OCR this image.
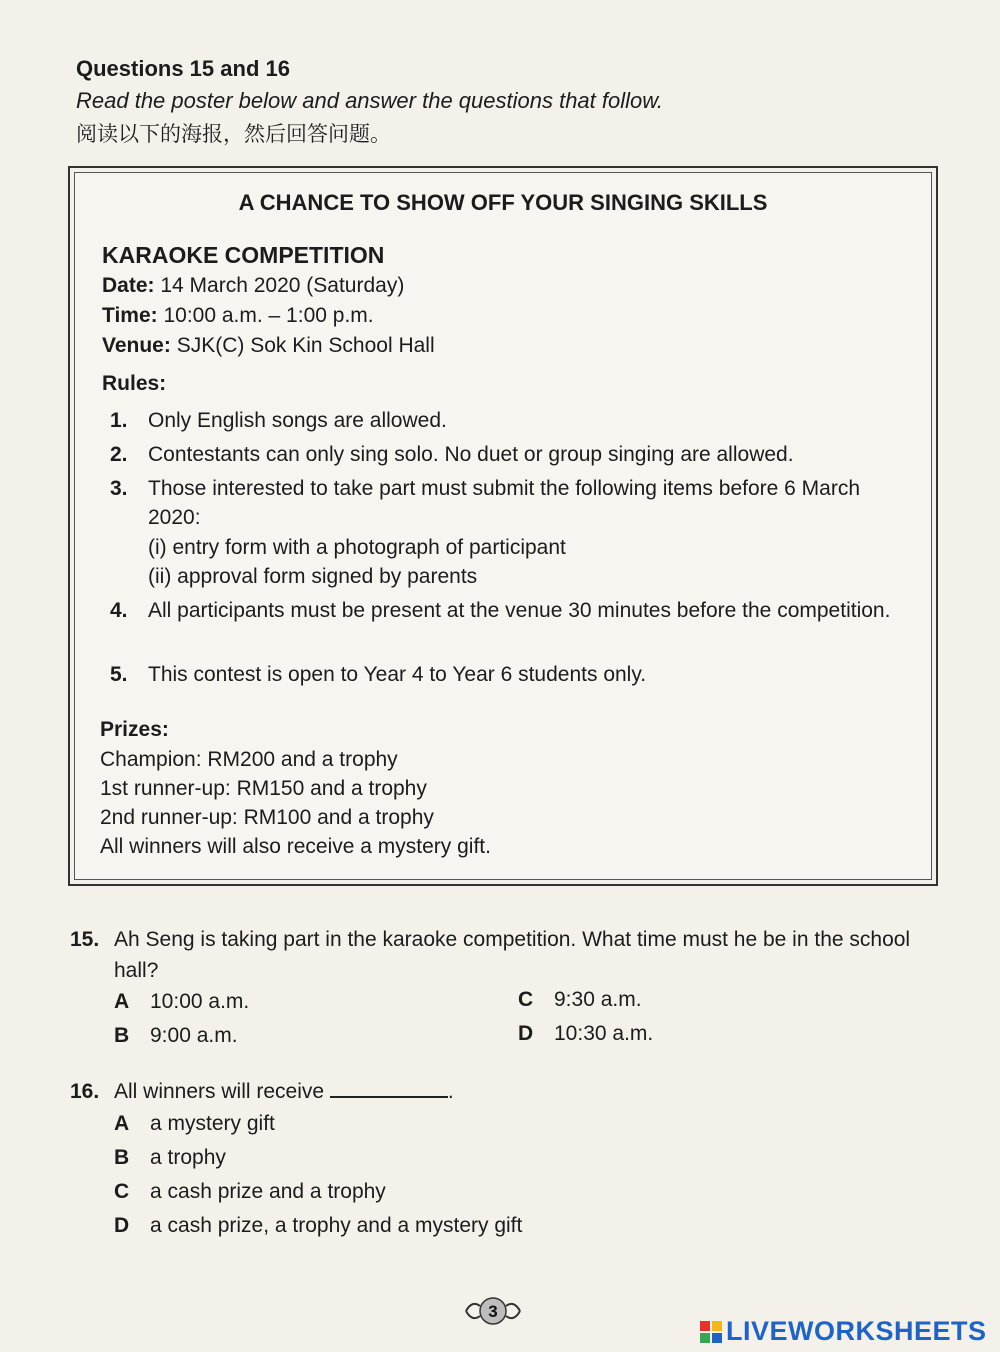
Questions 15 and 16
Read the poster below and answer the questions that follow.
阅读以下的海报，然后回答问题。
A CHANCE TO SHOW OFF YOUR SINGING SKILLS
KARAOKE COMPETITION
Date: 14 March 2020 (Saturday)
Time: 10:00 a.m. – 1:00 p.m.
Venue: SJK(C) Sok Kin School Hall
Rules:
1. Only English songs are allowed.
2. Contestants can only sing solo. No duet or group singing are allowed.
3. Those interested to take part must submit the following items before 6 March 2020:
(i) entry form with a photograph of participant
(ii) approval form signed by parents
4. All participants must be present at the venue 30 minutes before the competition.
5. This contest is open to Year 4 to Year 6 students only.
Prizes:
Champion: RM200 and a trophy
1st runner-up: RM150 and a trophy
2nd runner-up: RM100 and a trophy
All winners will also receive a mystery gift.
15. Ah Seng is taking part in the karaoke competition. What time must he be in the school hall?
A 10:00 a.m.
B 9:00 a.m.
C 9:30 a.m.
D 10:30 a.m.
16. All winners will receive	.
A a mystery gift
B a trophy
C a cash prize and a trophy
D a cash prize, a trophy and a mystery gift
3
LIVEWORKSHEETS
